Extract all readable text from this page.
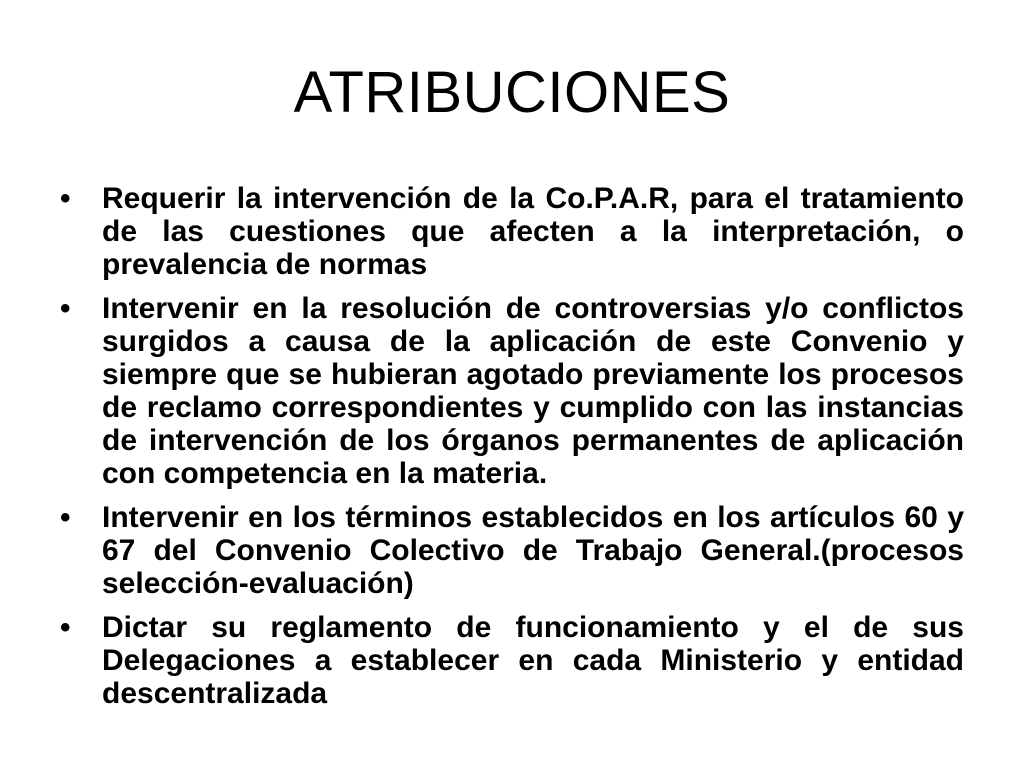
ATRIBUCIONES
• Requerir la intervención de la Co.P.A.R, para el tratamiento de las cuestiones que afecten a la interpretación, o prevalencia de normas
• Intervenir en la resolución de controversias y/o conflictos surgidos a causa de la aplicación de este Convenio y siempre que se hubieran agotado previamente los procesos de reclamo correspondientes y cumplido con las instancias de intervención de los órganos permanentes de aplicación con competencia en la materia.
• Intervenir en los términos establecidos en los artículos 60 y 67 del Convenio Colectivo de Trabajo General.(procesos selección-evaluación)
• Dictar su reglamento de funcionamiento y el de sus Delegaciones a establecer en cada Ministerio y entidad descentralizada
